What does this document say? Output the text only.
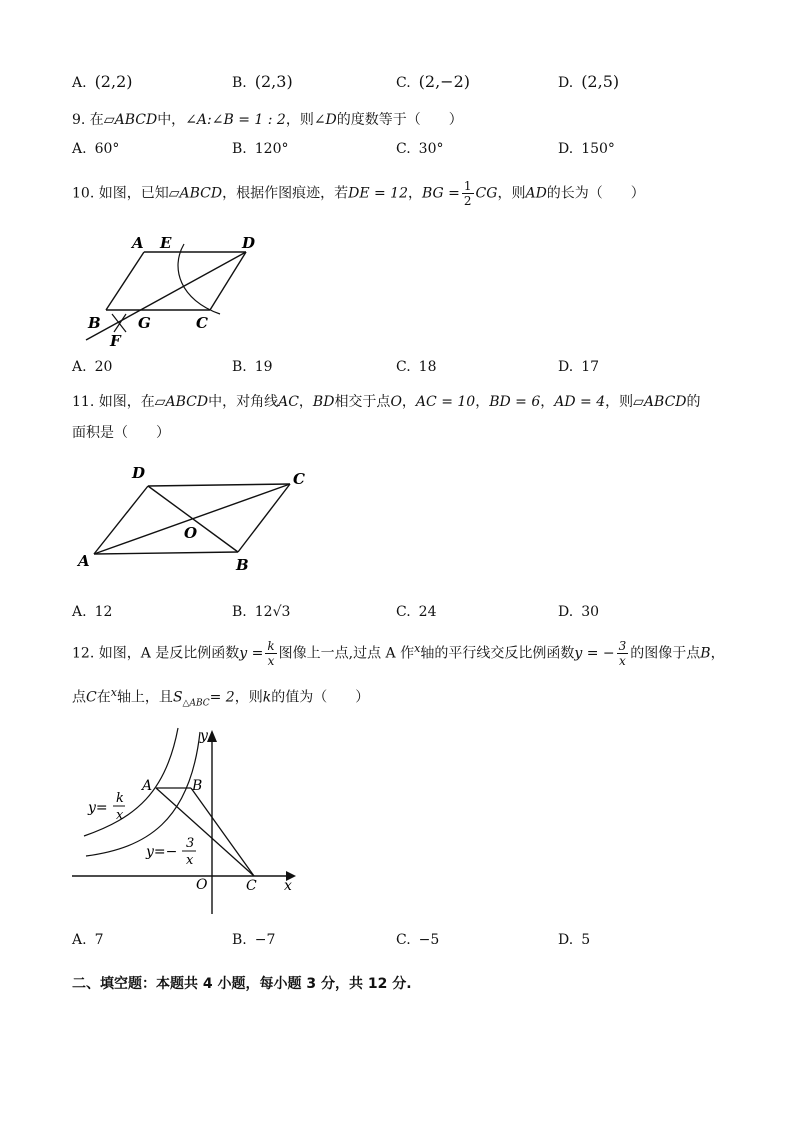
A. (2,2)	B. (2,3)	C. (2,−2)	D. (2,5)
9. 在▱ABCD中，∠A:∠B = 1 : 2，则∠D的度数等于（　　）
A. 60°	B. 120°	C. 30°	D. 150°
10. 如图，已知▱ABCD，根据作图痕迹，若DE = 12，BG = $\frac{1}{2}$ CG，则AD的长为（　　）
A E	D
B
F
G	C
A. 20	B. 19	C. 18	D. 17
11. 如图，在▱ABCD中，对角线AC，BD相交于点O，AC = 10，BD = 6，AD = 4，则▱ABCD的
面积是（　　）
D	C
O
A	B
A. 12	B. 12√3	C. 24	D. 30
12. 如图，A 是反比例函数$y = \frac{k}{x}$ 图像上一点,过点 A 作$^x$轴的平行线交反比例函数y = − $\frac{3}{x}$ 的图像于点B，
点C在$^x$轴上，且$S_{\triangle ABC}= 2$，则k的值为（　　）
y
x
O	C
A	B
y=
k
x
y=−
3
x
A. 7	B. −7	C. −5	D. 5
二、填空题：本题共 4 小题，每小题 3 分，共 12 分.
